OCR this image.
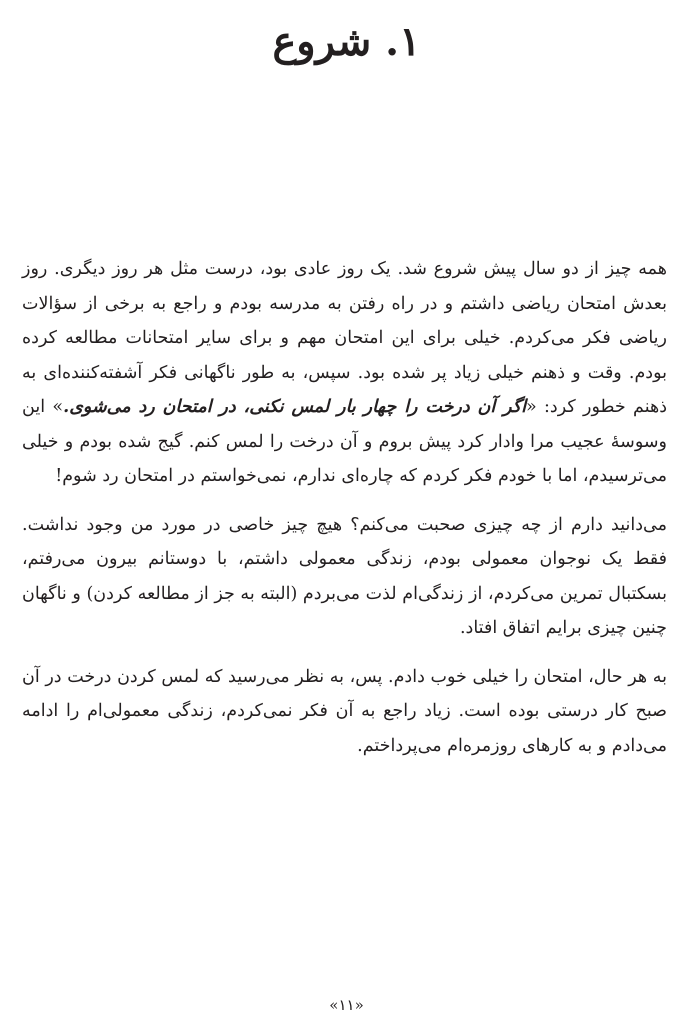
۱. شروع

همه چیز از دو سال پیش شروع شد. یک روز عادی بود، درست مثل هر روز دیگری. روز بعدش امتحان ریاضی داشتم و در راه رفتن به مدرسه بودم و راجع به برخی از سؤالات ریاضی فکر می‌کردم. خیلی برای این امتحان مهم و برای سایر امتحانات مطالعه کرده بودم. وقت و ذهنم خیلی زیاد پر شده بود. سپس، به طور ناگهانی فکر آشفته‌کننده‌ای به ذهنم خطور کرد: «اگر آن درخت را چهار بار لمس نکنی، در امتحان رد می‌شوی.» این وسوسهٔ عجیب مرا وادار کرد پیش بروم و آن درخت را لمس کنم. گیج شده بودم و خیلی می‌ترسیدم، اما با خودم فکر کردم که چاره‌ای ندارم، نمی‌خواستم در امتحان رد شوم!

می‌دانید دارم از چه چیزی صحبت می‌کنم؟ هیچ چیز خاصی در مورد من وجود نداشت. فقط یک نوجوان معمولی بودم، زندگی معمولی داشتم، با دوستانم بیرون می‌رفتم، بسکتبال تمرین می‌کردم، از زندگی‌ام لذت می‌بردم (البته به جز از مطالعه کردن) و ناگهان چنین چیزی برایم اتفاق افتاد.

به هر حال، امتحان را خیلی خوب دادم. پس، به نظر می‌رسید که لمس کردن درخت در آن صبح کار درستی بوده است. زیاد راجع به آن فکر نمی‌کردم، زندگی معمولی‌ام را ادامه می‌دادم و به کارهای روزمره‌ام می‌پرداختم.

«۱۱»
